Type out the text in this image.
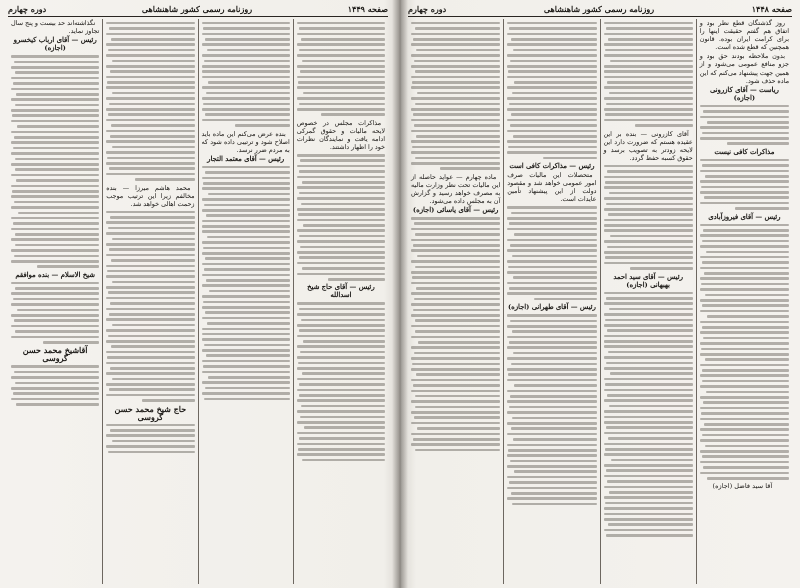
صفحه ۱۴۴۸
روزنامه رسمی کشور شاهنشاهی
دوره چهارم

روز گذشتگان قطع نظر بود و اتفاق هم گفتم حقیقت اینها را برای کرامت ایران بوده. قانون همچنین که قطع شده است.

بدون ملاحظه بودند حق بود و جزو منافع عمومی می‌شود و از همین جهت پیشنهاد می‌کنم که این ماده حذف شود.

ریاست — آقای کازرونی (اجازه)

مذاکرات کافی نیست

رئیس — آقای فیروزآبادی

آقا سید فاضل (اجازه)

آقای کازرونی — بنده بر این عقیده هستم که ضرورت دارد این لایحه زودتر به تصویب برسد و حقوق کسبه حفظ گردد.

رئیس — آقای سید احمد بهبهانی (اجازه)

رئیس — مذاکرات کافی است

متحصلات این مالیات صرف امور عمومی خواهد شد و مقصود دولت از این پیشنهاد تأمین عایدات است.

رئیس — آقای طهرانی (اجازه)

ماده چهارم — عواید حاصله از این مالیات تحت نظر وزارت مالیه به مصرف خواهد رسید و گزارش آن به مجلس داده می‌شود.

رئیس — آقای یاسائی (اجازه)

صفحه ۱۴۴۹
روزنامه رسمی کشور شاهنشاهی
دوره چهارم

مذاکرات مجلس در خصوص لایحه مالیات و حقوق گمرکی ادامه یافت و نمایندگان نظرات خود را اظهار داشتند.

رئیس — آقای حاج شیخ اسدالله

بنده عرض می‌کنم این ماده باید اصلاح شود و ترتیبی داده شود که به مردم ضرر نرسد.

رئیس — آقای معتمد التجار

محمد هاشم میرزا — بنده مخالفم زیرا این ترتیب موجب زحمت اهالی خواهد شد.

حاج شیخ محمد حسن گروسی

نگذاشته‌اند حد بیست و پنج سال تجاوز نماید.

رئیس — آقای ارباب کیخسرو (اجازه)

شیخ الاسلام — بنده موافقم

آقاشیخ محمد حسن گروسی
